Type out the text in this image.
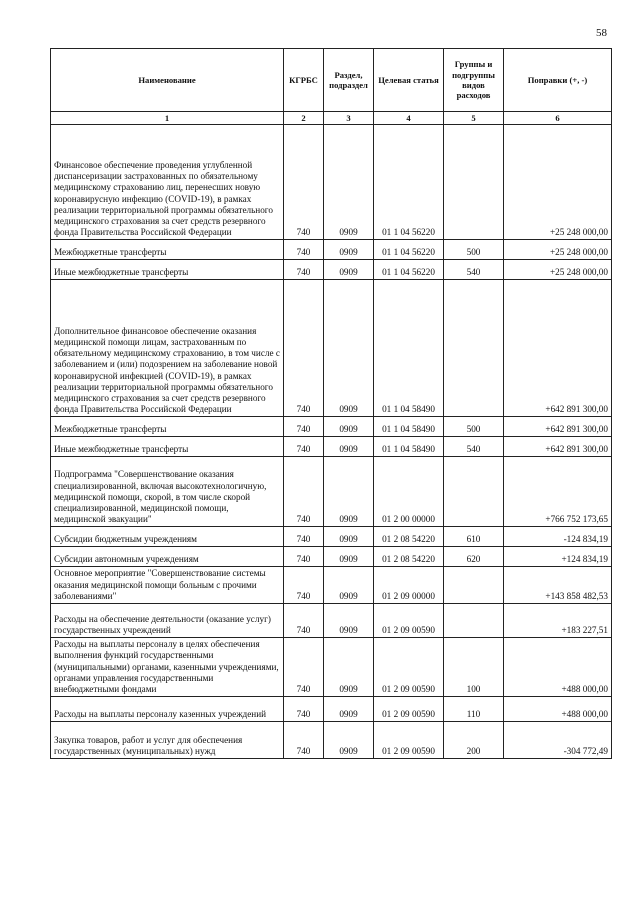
58
Наименование	КГРБС	Раздел, подраздел	Целевая статья	Группы и подгруппы видов расходов	Поправки (+, -)
1	2	3	4	5	6
Финансовое обеспечение проведения углубленной диспансеризации застрахованных по обязательному медицинскому страхованию лиц, перенесших новую коронавирусную инфекцию (COVID-19), в рамках реализации территориальной программы обязательного медицинского страхования за счет средств резервного фонда Правительства Российской Федерации	740	0909	01 1 04 56220		+25 248 000,00
Межбюджетные трансферты	740	0909	01 1 04 56220	500	+25 248 000,00
Иные межбюджетные трансферты	740	0909	01 1 04 56220	540	+25 248 000,00
Дополнительное финансовое обеспечение оказания медицинской помощи лицам, застрахованным по обязательному медицинскому страхованию, в том числе с заболеванием и (или) подозрением на заболевание новой коронавирусной инфекцией (COVID-19), в рамках реализации территориальной программы обязательного медицинского страхования за счет средств резервного фонда Правительства Российской Федерации	740	0909	01 1 04 58490		+642 891 300,00
Межбюджетные трансферты	740	0909	01 1 04 58490	500	+642 891 300,00
Иные межбюджетные трансферты	740	0909	01 1 04 58490	540	+642 891 300,00
Подпрограмма "Совершенствование оказания специализированной, включая высокотехнологичную, медицинской помощи, скорой, в том числе скорой специализированной, медицинской помощи, медицинской эвакуации"	740	0909	01 2 00 00000		+766 752 173,65
Субсидии бюджетным учреждениям	740	0909	01 2 08 54220	610	-124 834,19
Субсидии автономным учреждениям	740	0909	01 2 08 54220	620	+124 834,19
Основное мероприятие "Совершенствование системы оказания медицинской помощи больным с прочими заболеваниями"	740	0909	01 2 09 00000		+143 858 482,53
Расходы на обеспечение деятельности (оказание услуг) государственных учреждений	740	0909	01 2 09 00590		+183 227,51
Расходы на выплаты персоналу в целях обеспечения выполнения функций государственными (муниципальными) органами, казенными учреждениями, органами управления государственными внебюджетными фондами	740	0909	01 2 09 00590	100	+488 000,00
Расходы на выплаты персоналу казенных учреждений	740	0909	01 2 09 00590	110	+488 000,00
Закупка товаров, работ и услуг для обеспечения государственных (муниципальных) нужд	740	0909	01 2 09 00590	200	-304 772,49
